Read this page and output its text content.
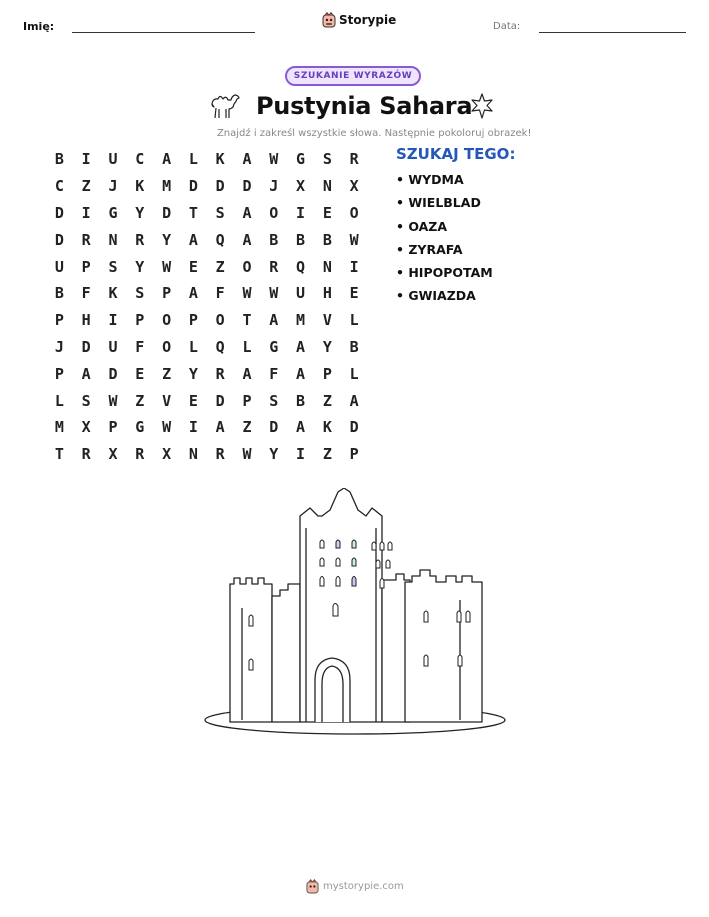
Imię:	Storypie	Data:
SZUKANIE WYRAZÓW
Pustynia Sahara
Znajdź i zakreśl wszystkie słowa. Następnie pokoloruj obrazek!
B	I	U	C	A	L	K	A	W	G	S	R
C	Z	J	K	M	D	D	D	J	X	N	X
D	I	G	Y	D	T	S	A	O	I	E	O
D	R	N	R	Y	A	Q	A	B	B	B	W
U	P	S	Y	W	E	Z	O	R	Q	N	I
B	F	K	S	P	A	F	W	W	U	H	E
P	H	I	P	O	P	O	T	A	M	V	L
J	D	U	F	O	L	Q	L	G	A	Y	B
P	A	D	E	Z	Y	R	A	F	A	P	L
L	S	W	Z	V	E	D	P	S	B	Z	A
M	X	P	G	W	I	A	Z	D	A	K	D
T	R	X	R	X	N	R	W	Y	I	Z	P
SZUKAJ TEGO:
• WYDMA
• WIELBLAD
• OAZA
• ZYRAFA
• HIPOPOTAM
• GWIAZDA
mystorypie.com
